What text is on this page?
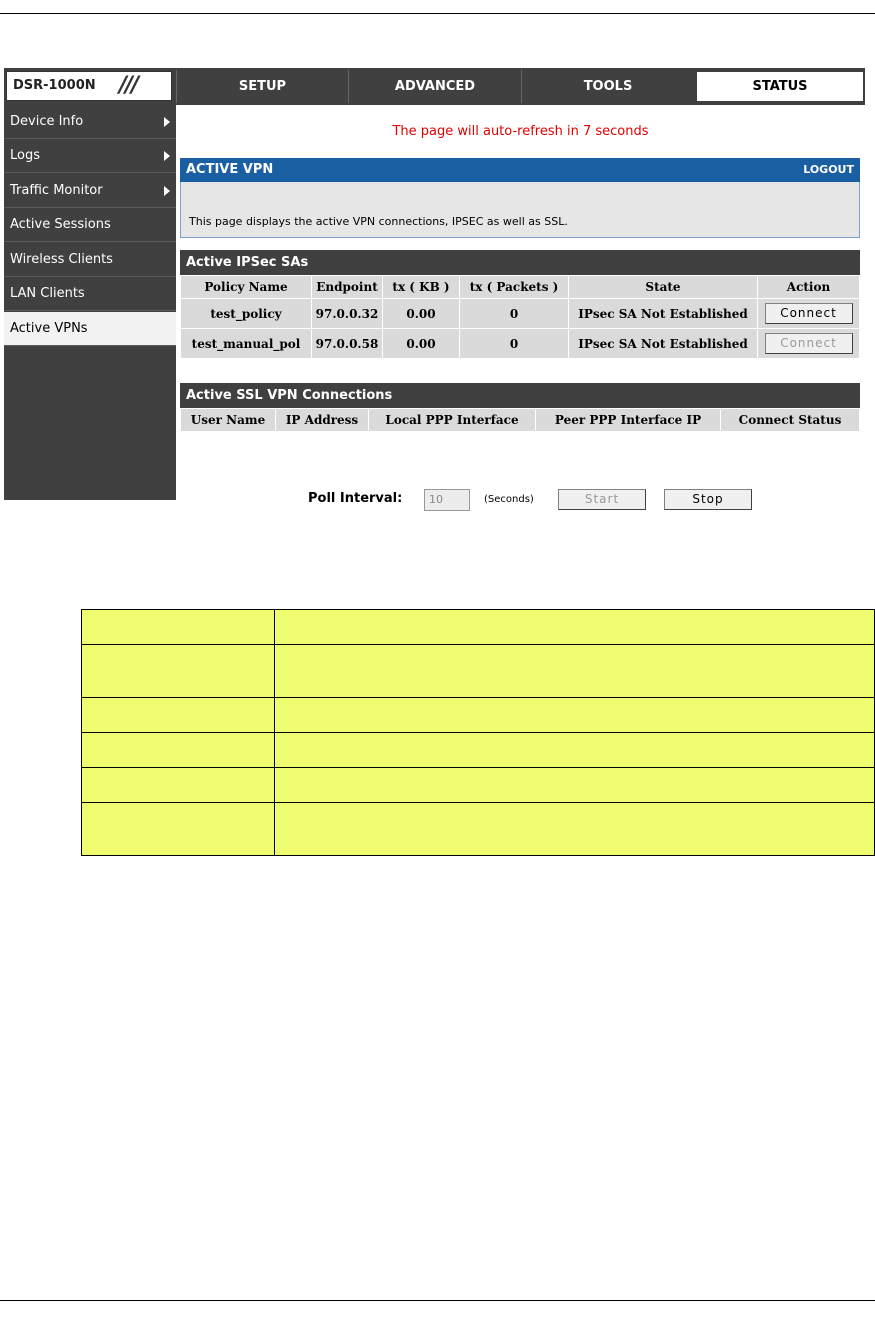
DSR-1000N ///	SETUP	ADVANCED	TOOLS	STATUS
Device Info
Logs
Traffic Monitor
Active Sessions
Wireless Clients
LAN Clients
Active VPNs
The page will auto-refresh in 7 seconds
ACTIVE VPN	LOGOUT
This page displays the active VPN connections, IPSEC as well as SSL.
Active IPSec SAs
Policy Name	Endpoint	tx ( KB )	tx ( Packets )	State	Action
test_policy	97.0.0.32	0.00	0	IPsec SA Not Established	Connect
test_manual_pol	97.0.0.58	0.00	0	IPsec SA Not Established	Connect
Active SSL VPN Connections
User Name	IP Address	Local PPP Interface	Peer PPP Interface IP	Connect Status
Poll Interval:	10	(Seconds)	Start	Stop
